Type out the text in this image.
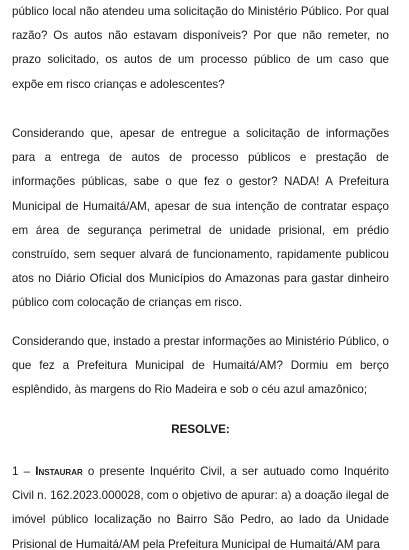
público local não atendeu uma solicitação do Ministério Público. Por qual razão? Os autos não estavam disponíveis? Por que não remeter, no prazo solicitado, os autos de um processo público de um caso que expõe em risco crianças e adolescentes?

Considerando que, apesar de entregue a solicitação de informações para a entrega de autos de processo públicos e prestação de informações públicas, sabe o que fez o gestor? NADA! A Prefeitura Municipal de Humaitá/AM, apesar de sua intenção de contratar espaço em área de segurança perimetral de unidade prisional, em prédio construído, sem sequer alvará de funcionamento, rapidamente publicou atos no Diário Oficial dos Municípios do Amazonas para gastar dinheiro público com colocação de crianças em risco.

Considerando que, instado a prestar informações ao Ministério Público, o que fez a Prefeitura Municipal de Humaitá/AM? Dormiu em berço esplêndido, às margens do Rio Madeira e sob o céu azul amazônico;

RESOLVE:

1 – Instaurar o presente Inquérito Civil, a ser autuado como Inquérito Civil n. 162.2023.000028, com o objetivo de apurar: a) a doação ilegal de imóvel público localização no Bairro São Pedro, ao lado da Unidade Prisional de Humaitá/AM pela Prefeitura Municipal de Humaitá/AM para
